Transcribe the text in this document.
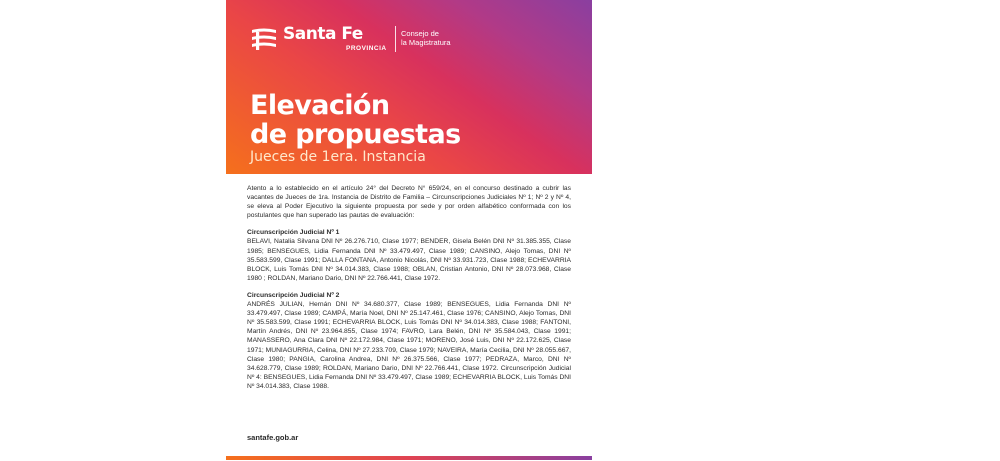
Santa Fe
PROVINCIA
Consejo de
la Magistratura
Elevación
de propuestas
Jueces de 1era. Instancia

Atento a lo establecido en el artículo 24° del Decreto N° 659/24, en el concurso destinado a cubrir las vacantes de Jueces de 1ra. Instancia de Distrito de Familia – Circunscripciones Judiciales Nº 1; Nº 2 y Nº 4, se eleva al Poder Ejecutivo la siguiente propuesta por sede y por orden alfabético conformada con los postulantes que han superado las pautas de evaluación:

Circunscripción Judicial Nº 1

BELAVI, Natalia Silvana DNI Nº 26.276.710, Clase 1977; BENDER, Gisela Belén DNI Nº 31.385.355, Clase 1985; BENSEGUES, Lidia Fernanda DNI Nº 33.479.497, Clase 1989; CANSINO, Alejo Tomas, DNI Nº 35.583.599, Clase 1991; DALLA FONTANA, Antonio Nicolás, DNI Nº 33.931.723, Clase 1988; ECHEVARRIA BLOCK, Luis Tomás DNI Nº 34.014.383, Clase 1988; OBLAN, Cristian Antonio, DNI Nº 28.073.968, Clase 1980 ; ROLDAN, Mariano Dario, DNI Nº 22.766.441, Clase 1972.

Circunscripción Judicial Nº 2

ANDRÉS JULIAN, Hernán DNI Nº 34.680.377, Clase 1989; BENSEGUES, Lidia Fernanda DNI Nº 33.479.497, Clase 1989; CAMPÁ, María Noel, DNI Nº 25.147.461, Clase 1976; CANSINO, Alejo Tomas, DNI Nº 35.583.599, Clase 1991; ECHEVARRIA BLOCK, Luis Tomás DNI Nº 34.014.383, Clase 1988; FANTONI, Martín Andrés, DNI Nº 23.964.855, Clase 1974; FAVRO, Lara Belén, DNI Nº 35.584.043, Clase 1991; MANASSERO, Ana Clara DNI Nº 22.172.984, Clase 1971; MORENO, José Luis, DNI Nº 22.172.625, Clase 1971; MUNIAGURRIA, Celina, DNI Nº 27.233.709, Clase 1979; NAVEIRA, María Cecilia, DNI Nº 28.055.667, Clase 1980; PANGIA, Carolina Andrea, DNI Nº 26.375.566, Clase 1977; PEDRAZA, Marco, DNI Nº 34.628.779, Clase 1989; ROLDAN, Mariano Dario, DNI Nº 22.766.441, Clase 1972. Circunscripción Judicial Nº 4: BENSEGUES, Lidia Fernanda DNI Nº 33.479.497, Clase 1989; ECHEVARRIA BLOCK, Luis Tomás DNI Nº 34.014.383, Clase 1988.

santafe.gob.ar
